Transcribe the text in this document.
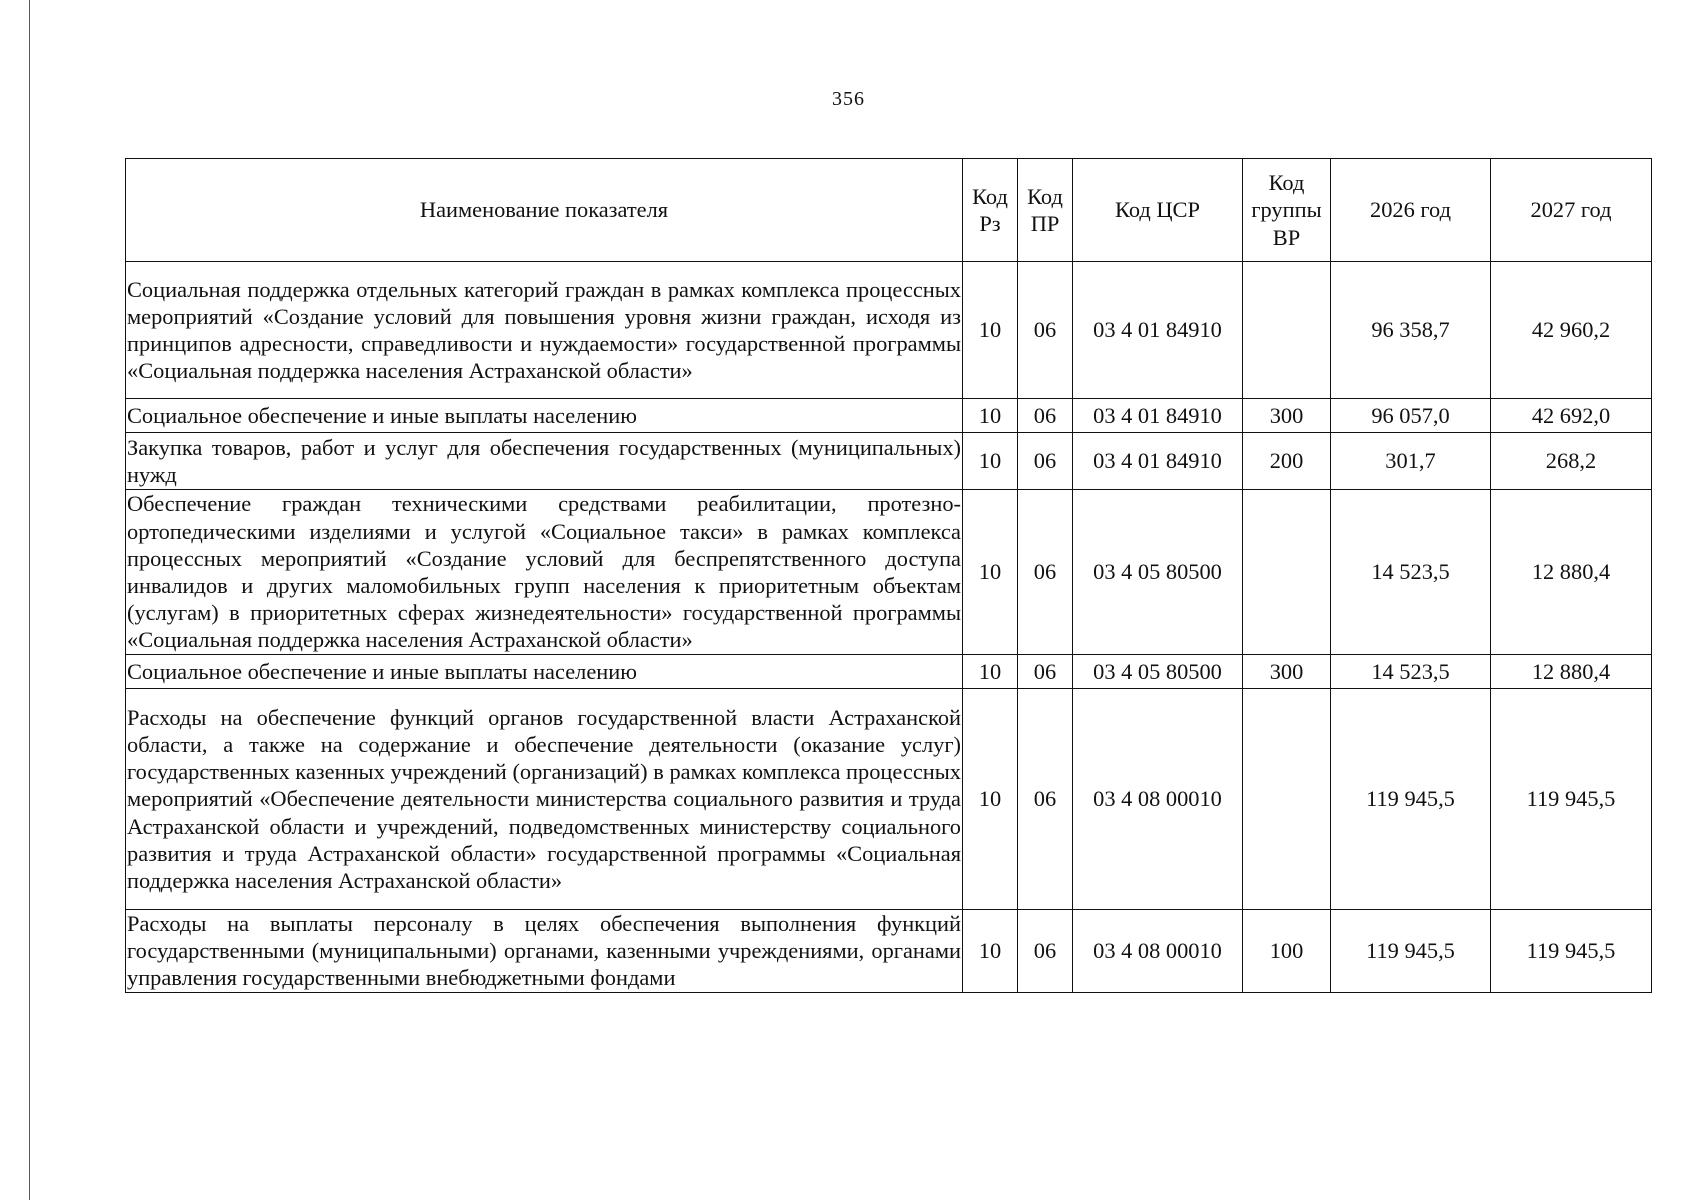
356
Наименование показателя	Код Рз	Код ПР	Код ЦСР	Код группы ВР	2026 год	2027 год
Социальная поддержка отдельных категорий граждан в рамках комплекса процессных мероприятий «Создание условий для повышения уровня жизни граждан, исходя из принципов адресности, справедливости и нуждаемости» государственной программы «Социальная поддержка населения Астраханской области»	10	06	03 4 01 84910		96 358,7	42 960,2
Социальное обеспечение и иные выплаты населению	10	06	03 4 01 84910	300	96 057,0	42 692,0
Закупка товаров, работ и услуг для обеспечения государственных (муниципальных) нужд	10	06	03 4 01 84910	200	301,7	268,2
Обеспечение граждан техническими средствами реабилитации, протезно-ортопедическими изделиями и услугой «Социальное такси» в рамках комплекса процессных мероприятий «Создание условий для беспрепятственного доступа инвалидов и других маломобильных групп населения к приоритетным объектам (услугам) в приоритетных сферах жизнедеятельности» государственной программы «Социальная поддержка населения Астраханской области»	10	06	03 4 05 80500		14 523,5	12 880,4
Социальное обеспечение и иные выплаты населению	10	06	03 4 05 80500	300	14 523,5	12 880,4
Расходы на обеспечение функций органов государственной власти Астраханской области, а также на содержание и обеспечение деятельности (оказание услуг) государственных казенных учреждений (организаций) в рамках комплекса процессных мероприятий «Обеспечение деятельности министерства социального развития и труда Астраханской области и учреждений, подведомственных министерству социального развития и труда Астраханской области» государственной программы «Социальная поддержка населения Астраханской области»	10	06	03 4 08 00010		119 945,5	119 945,5
Расходы на выплаты персоналу в целях обеспечения выполнения функций государственными (муниципальными) органами, казенными учреждениями, органами управления государственными внебюджетными фондами	10	06	03 4 08 00010	100	119 945,5	119 945,5
